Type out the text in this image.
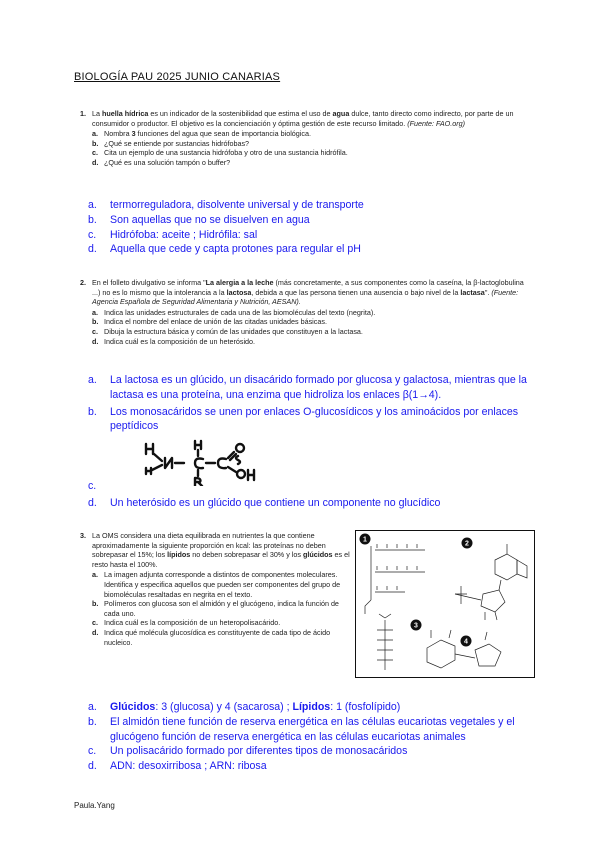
BIOLOGÍA PAU 2025 JUNIO CANARIAS
1. La huella hídrica es un indicador de la sostenibilidad que estima el uso de agua dulce, tanto directo como indirecto, por parte de un consumidor o productor. El objetivo es la concienciación y óptima gestión de este recurso limitado. (Fuente: FAO.org)
a. Nombra 3 funciones del agua que sean de importancia biológica.
b. ¿Qué se entiende por sustancias hidrófobas?
c. Cita un ejemplo de una sustancia hidrófoba y otro de una sustancia hidrófila.
d. ¿Qué es una solución tampón o buffer?
a.	termorreguladora, disolvente universal y de transporte
b.	Son aquellas que no se disuelven en agua
c.	Hidrófoba: aceite ; Hidrófila: sal
d.	Aquella que cede y capta protones para regular el pH
2. En el folleto divulgativo se informa "La alergia a la leche (más concretamente, a sus componentes como la caseína, la β-lactoglobulina ...) no es lo mismo que la intolerancia a la lactosa, debida a que las persona tienen una ausencia o bajo nivel de la lactasa". (Fuente: Agencia Española de Seguridad Alimentaria y Nutrición, AESAN).
a. Indica las unidades estructurales de cada una de las biomoléculas del texto (negrita).
b. Indica el nombre del enlace de unión de las citadas unidades básicas.
c. Dibuja la estructura básica y común de las unidades que constituyen a la lactasa.
d. Indica cuál es la composición de un heterósido.
a.	La lactosa es un glúcido, un disacárido formado por glucosa y galactosa, mientras que la lactasa es una proteína, una enzima que hidroliza los enlaces β(1→4).
b.	Los monosacáridos se unen por enlaces O-glucosídicos y los aminoácidos por enlaces peptídicos
c.
d.	Un heterósido es un glúcido que contiene un componente no glucídico
3. La OMS considera una dieta equilibrada en nutrientes la que contiene aproximadamente la siguiente proporción en kcal: las proteínas no deben sobrepasar el 15%; los lípidos no deben sobrepasar el 30% y los glúcidos es el resto hasta el 100%.
a. La imagen adjunta corresponde a distintos de componentes moleculares. Identifica y especifica aquellos que pueden ser componentes del grupo de biomoléculas resaltadas en negrita en el texto.
b. Polímeros con glucosa son el almidón y el glucógeno, indica la función de cada uno.
c. Indica cuál es la composición de un heteropolisacárido.
d. Indica qué molécula glucosídica es constituyente de cada tipo de ácido nucleico.
1
2
3
4
a.	Glúcidos: 3 (glucosa) y 4 (sacarosa) ; Lípidos: 1 (fosfolípido)
b.	El almidón tiene función de reserva energética en las células eucariotas vegetales y el glucógeno función de reserva energética en las células eucariotas animales
c.	Un polisacárido formado por diferentes tipos de monosacáridos
d.	ADN: desoxirribosa ; ARN: ribosa
Paula.Yang
